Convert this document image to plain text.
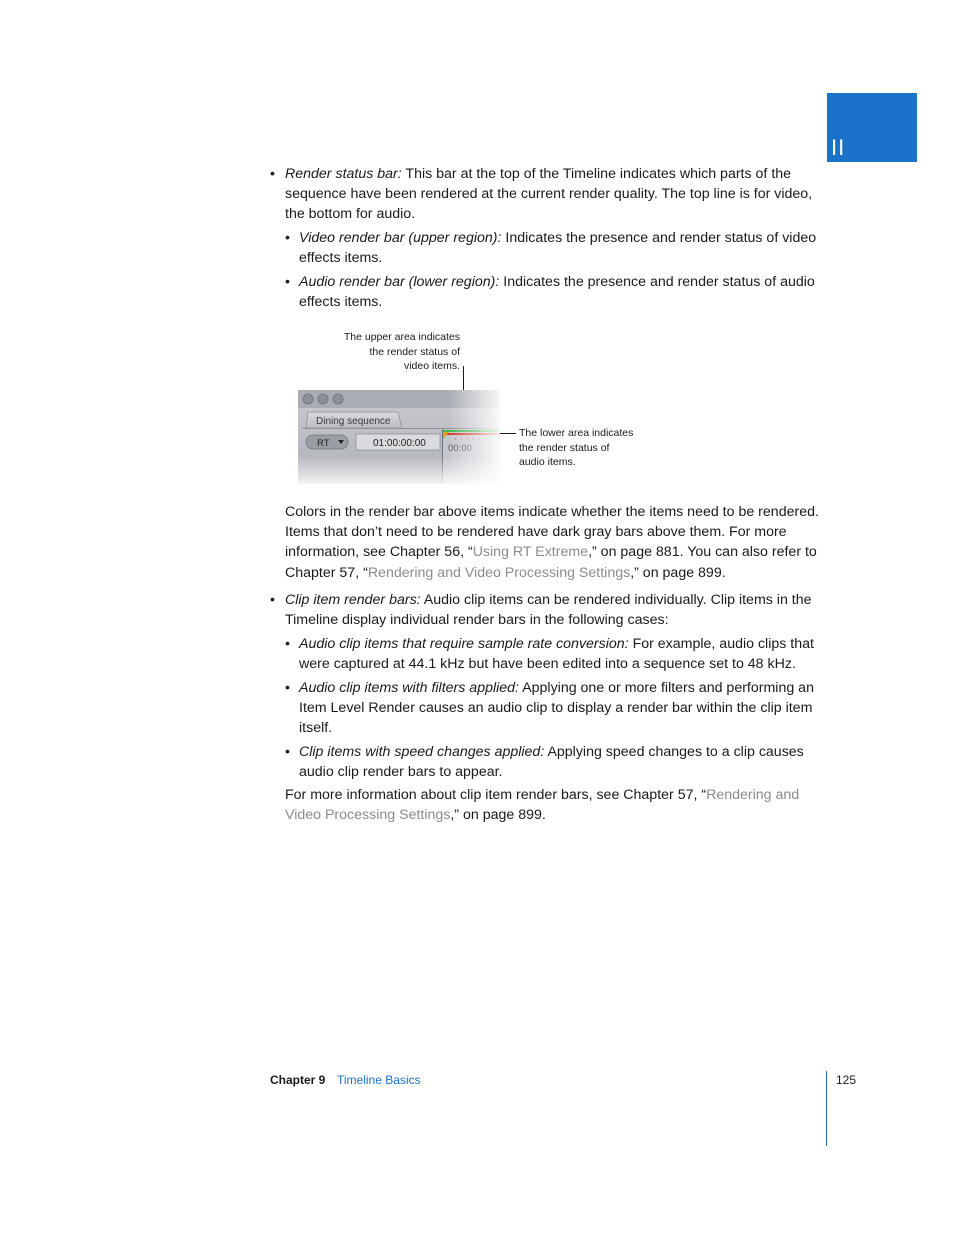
II
• Render status bar: This bar at the top of the Timeline indicates which parts of the sequence have been rendered at the current render quality. The top line is for video, the bottom for audio.

• Video render bar (upper region): Indicates the presence and render status of video effects items.

• Audio render bar (lower region): Indicates the presence and render status of audio effects items.

The upper area indicates
the render status of
video items.
The lower area indicates
the render status of
audio items.
Dining sequence
RT	01:00:00:00

Colors in the render bar above items indicate whether the items need to be rendered. Items that don’t need to be rendered have dark gray bars above them. For more information, see Chapter 56, “Using RT Extreme,” on page 881. You can also refer to Chapter 57, “Rendering and Video Processing Settings,” on page 899.

• Clip item render bars: Audio clip items can be rendered individually. Clip items in the Timeline display individual render bars in the following cases:

• Audio clip items that require sample rate conversion: For example, audio clips that were captured at 44.1 kHz but have been edited into a sequence set to 48 kHz.

• Audio clip items with filters applied: Applying one or more filters and performing an Item Level Render causes an audio clip to display a render bar within the clip item itself.

• Clip items with speed changes applied: Applying speed changes to a clip causes audio clip render bars to appear.

For more information about clip item render bars, see Chapter 57, “Rendering and Video Processing Settings,” on page 899.

Chapter 9 Timeline Basics	125
